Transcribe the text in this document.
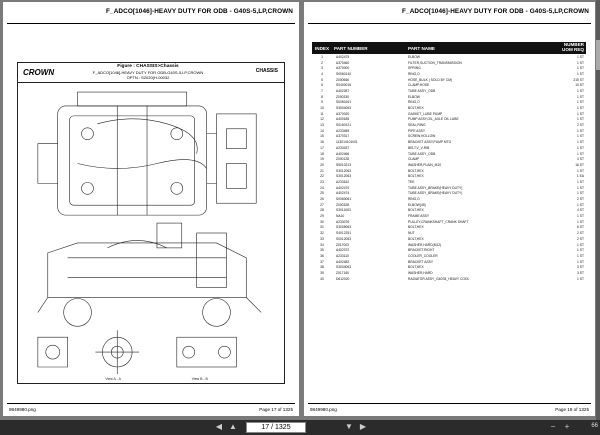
F_ADCO[1046]-HEAVY DUTY FOR ODB - G40S-5,LP,CROWN
CROWN
Figure : CHASSIS>Chassis
F_ADCO[1046]-HEAVY DUTY FOR ODB-G40S-5,LP,CROWN
OPTN.: S2020(H-00032
CHASSIS
View A - A	View B - B
9849980.png	Page 17 of 1325
F_ADCO[1046]-HEAVY DUTY FOR ODB - G40S-5,LP,CROWN
INDEX	PART NUMBER	PART NAME
NUMBER UOM REQ
1	A402475	ELBOW	1 ST
2	A370460	FILTER,SUCTION_TRANSMISSION	1 ST
3	A370000	SPRING	1 ST
4	S0060140	RING,O	1 ST
5	Z000666	HOSE_BULK ( SOLD BY CM)	215 ST
6	S0400016	CLAMP,HOSE	10 ST
7	A402287	TUBE ASSY_ODB	1 ST
8	Z000330	ELBOW	1 ST
9	S0060161	RING,O	1 ST
10	S3004063	BOLT,HEX	1 ST
11	A370020	GASKET_LUBE PUMP	1 ST
12	A400185	PUMP ASSY,OIL_AXLE OIL LUBE	1 ST
13	S0160121	SEAL,RING	2 ST
14	A233459	PIPE ASSY	1 ST
15	A370317	SCREW,HOLLOW	1 ST
16	113014101001	BRACKET ASSY,PUMP MTG	1 ST
17	A233437	BELT,V_V-RIB	1 ST
18	A402466	TUBE ASSY_ODB	1 ST
19	Z000128	CLAMP	4 ST
20	S5010213	WASHER,PLAIN_M10	16 ST
21	S3012063	BOLT,HEX	1 ST
22	S3012063	BOLT,HEX	1 EA
23	A233162	TEE	1 ST
24	A402470	TUBE ASSY_BRAKE(HEAVY DUTY)	1 ST
25	A402474	TUBE ASSY_BRAKE(HEAVY DUTY)	1 ST
26	S0060061	RING,O	2 ST
27	Z000328	ELBOW(45)	1 ST
28	S3011063	BOLT,HEX	4 ST
29	NA10	FRAME ASSY	1 ST
30	A233076	PULLEY,CRANKSHAFT_CRANK SHAFT	1 ST
31	S3005063	BOLT,HEX	6 ST
32	S4012251	NUT	2 ST
33	S0012063	BOLT,HEX	2 ST
34	Z017003	WASHER,HARD(M12)	1 ST
35	A402072	BRACKET,RIGHT	1 ST
36	A233110	COOLER_COOLER	1 ST
37	A402482	BRACKET ASSY	1 ST
38	S3004063	BOLT,HEX	3 ST
39	Z017160	WASHER,HARD	3 ST
40	D612020	RADIATOR ASSY_G40S5_HEAVY COOL	1 ST
9849980.png	Page 18 of 1325
◀ ▲	17 / 1325	▼ ▶	−	+	66
